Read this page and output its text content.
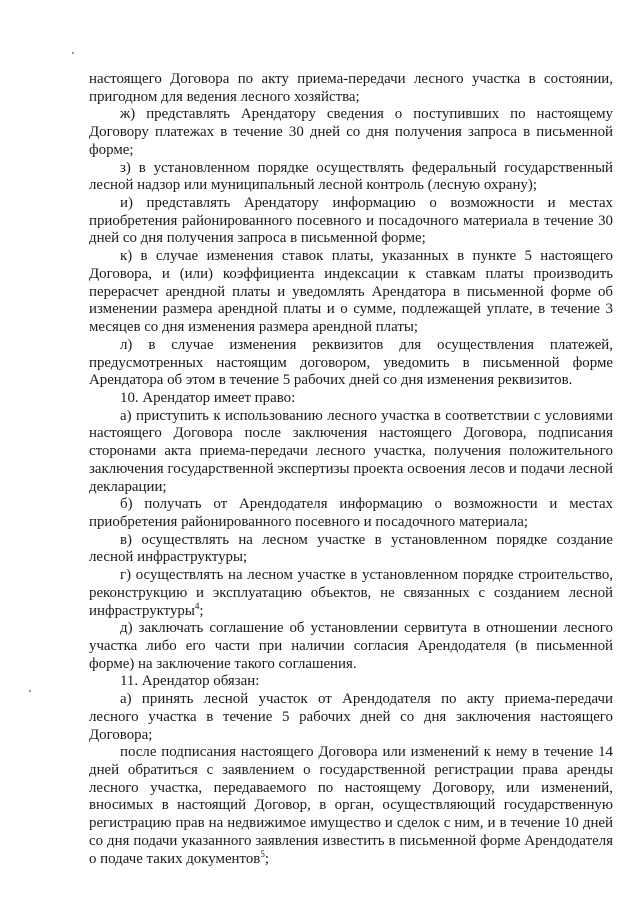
настоящего Договора по акту приема-передачи лесного участка в состоянии, пригодном для ведения лесного хозяйства;

ж) представлять Арендатору сведения о поступивших по настоящему Договору платежах в течение 30 дней со дня получения запроса в письменной форме;

з) в установленном порядке осуществлять федеральный государственный лесной надзор или муниципальный лесной контроль (лесную охрану);

и) представлять Арендатору информацию о возможности и местах приобретения районированного посевного и посадочного материала в течение 30 дней со дня получения запроса в письменной форме;

к) в случае изменения ставок платы, указанных в пункте 5 настоящего Договора, и (или) коэффициента индексации к ставкам платы производить перерасчет арендной платы и уведомлять Арендатора в письменной форме об изменении размера арендной платы и о сумме, подлежащей уплате, в течение 3 месяцев со дня изменения размера арендной платы;

л) в случае изменения реквизитов для осуществления платежей, предусмотренных настоящим договором, уведомить в письменной форме Арендатора об этом в течение 5 рабочих дней со дня изменения реквизитов.

10. Арендатор имеет право:

а) приступить к использованию лесного участка в соответствии с условиями настоящего Договора после заключения настоящего Договора, подписания сторонами акта приема-передачи лесного участка, получения положительного заключения государственной экспертизы проекта освоения лесов и подачи лесной декларации;

б) получать от Арендодателя информацию о возможности и местах приобретения районированного посевного и посадочного материала;

в) осуществлять на лесном участке в установленном порядке создание лесной инфраструктуры;

г) осуществлять на лесном участке в установленном порядке строительство, реконструкцию и эксплуатацию объектов, не связанных с созданием лесной инфраструктуры$^4$;

д) заключать соглашение об установлении сервитута в отношении лесного участка либо его части при наличии согласия Арендодателя (в письменной форме) на заключение такого соглашения.

11. Арендатор обязан:

а) принять лесной участок от Арендодателя по акту приема-передачи лесного участка в течение 5 рабочих дней со дня заключения настоящего Договора;

после подписания настоящего Договора или изменений к нему в течение 14 дней обратиться с заявлением о государственной регистрации права аренды лесного участка, передаваемого по настоящему Договору, или изменений, вносимых в настоящий Договор, в орган, осуществляющий государственную регистрацию прав на недвижимое имущество и сделок с ним, и в течение 10 дней со дня подачи указанного заявления известить в письменной форме Арендодателя о подаче таких документов$^5$;
